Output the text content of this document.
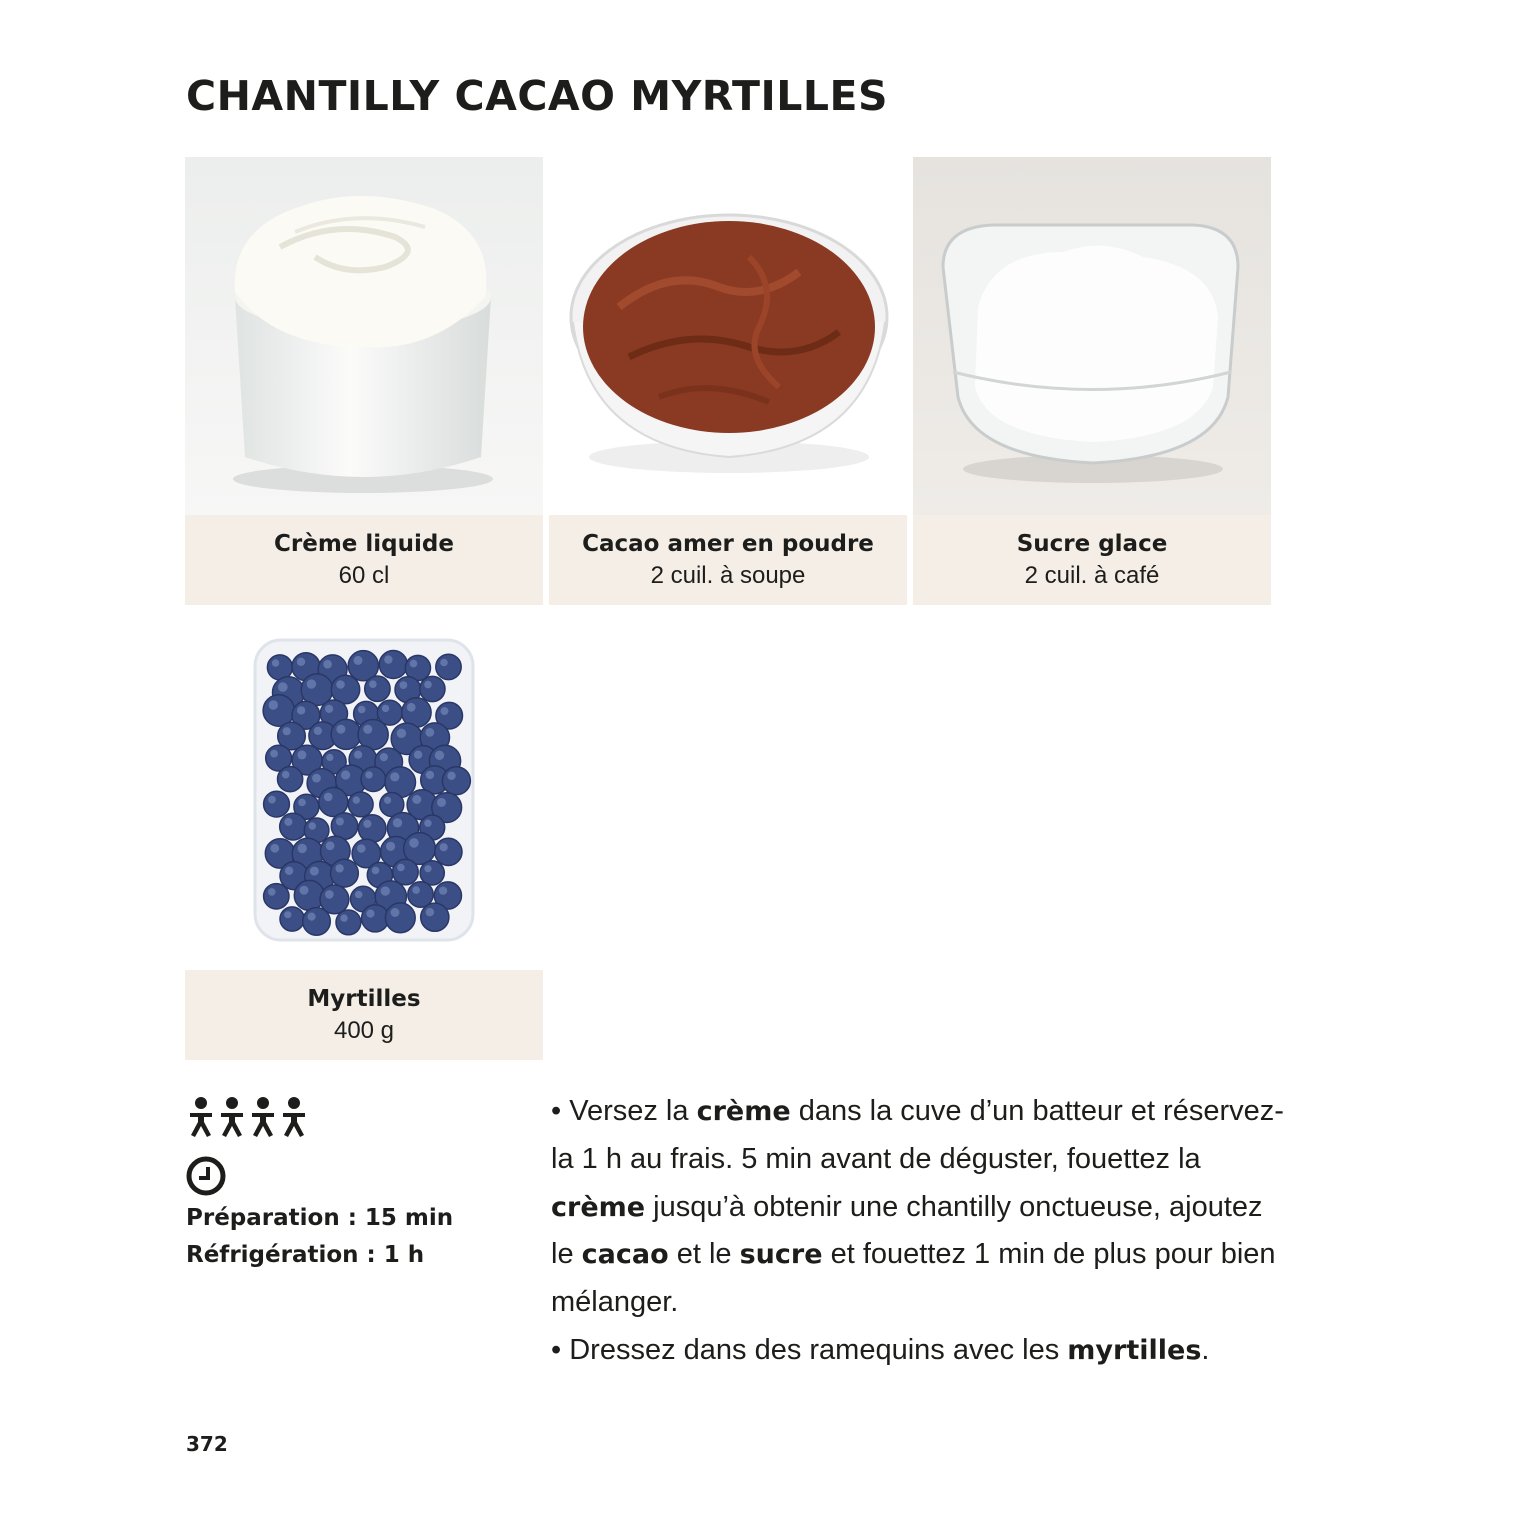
CHANTILLY CACAO MYRTILLES
Crème liquide
60 cl
Cacao amer en poudre
2 cuil. à soupe
Sucre glace
2 cuil. à café
Myrtilles
400 g
Préparation : 15 min
Réfrigération : 1 h

• Versez la crème dans la cuve d’un batteur et réservez-la 1 h au frais. 5 min avant de déguster, fouettez la crème jusqu’à obtenir une chantilly onctueuse, ajoutez le cacao et le sucre et fouettez 1 min de plus pour bien mélanger.

• Dressez dans des ramequins avec les myrtilles.

372
